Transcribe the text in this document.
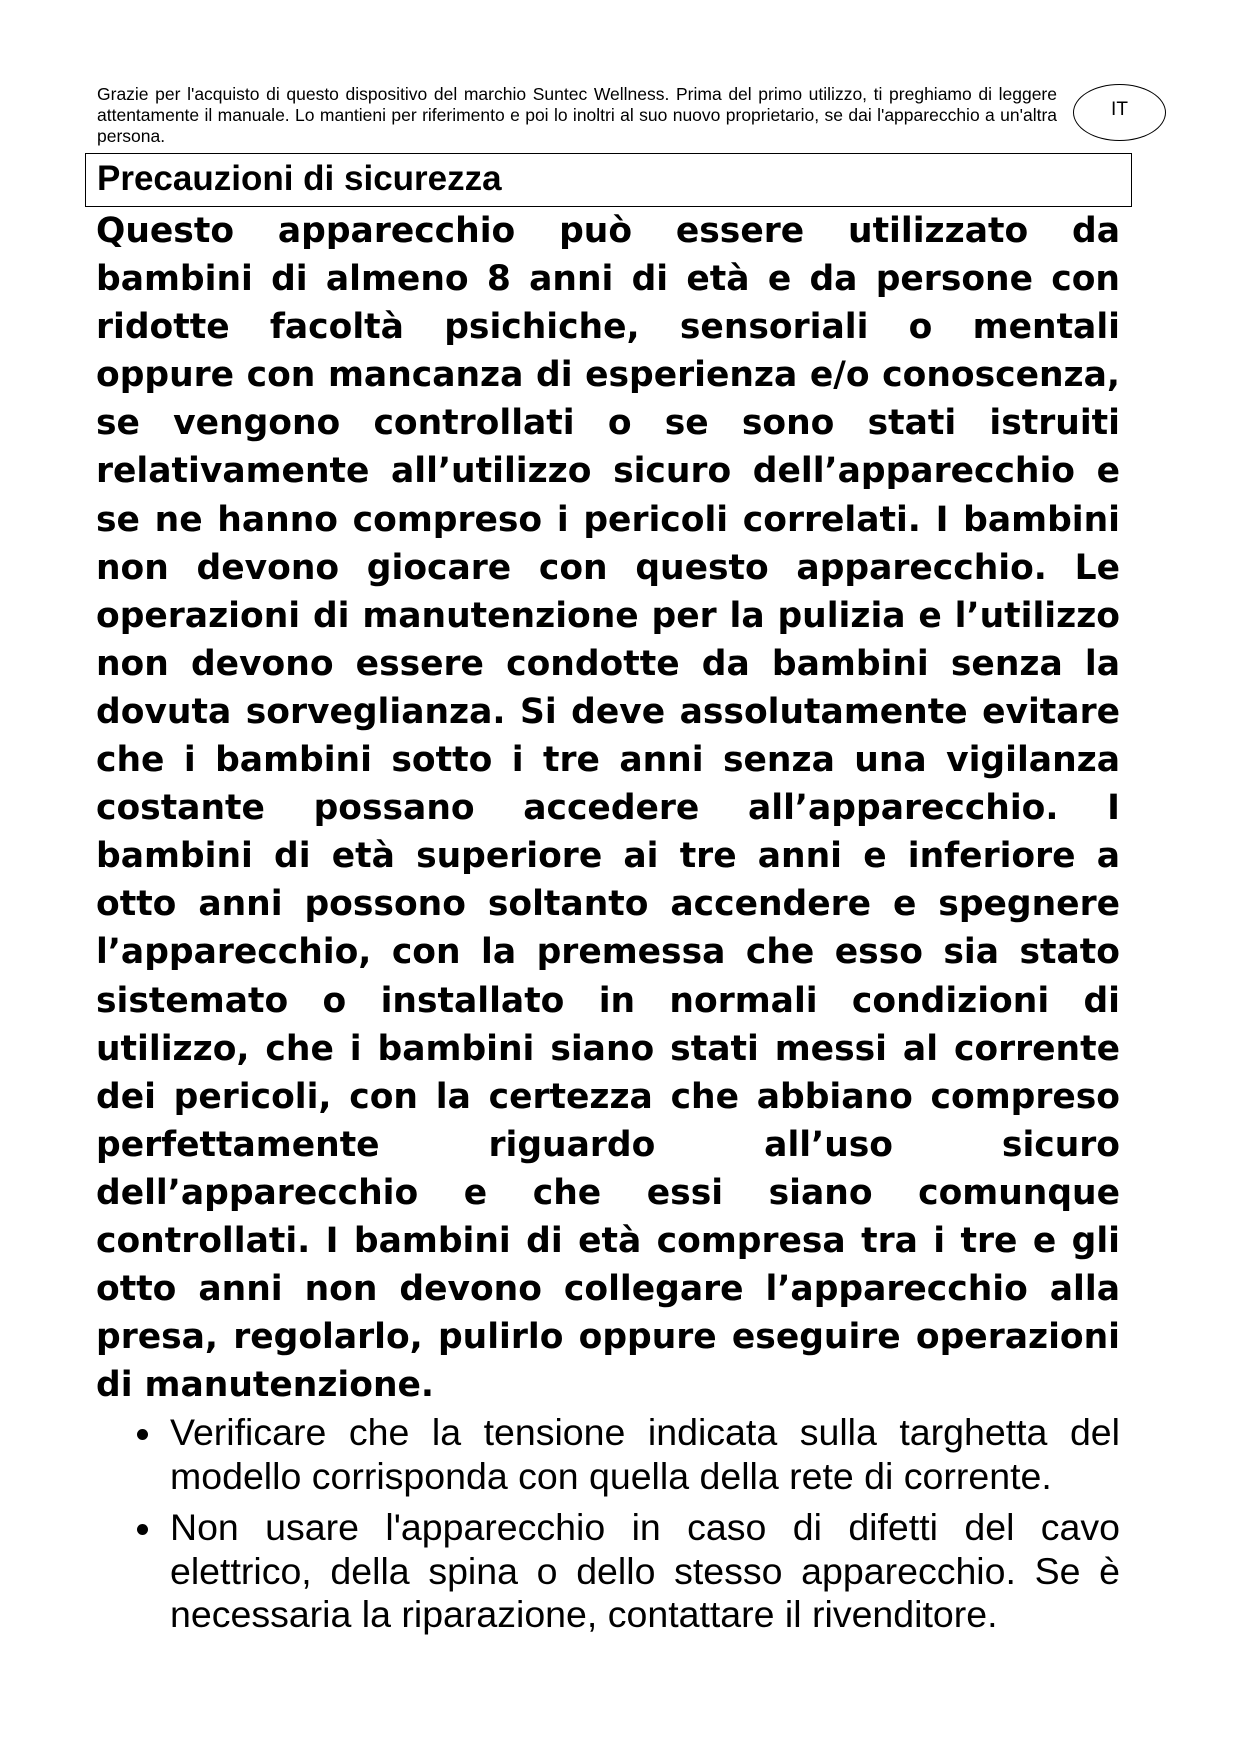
Grazie per l'acquisto di questo dispositivo del marchio Suntec Wellness. Prima del primo utilizzo, ti preghiamo di leggere attentamente il manuale. Lo mantieni per riferimento e poi lo inoltri al suo nuovo proprietario, se dai l'apparecchio a un'altra persona.

IT
Precauzioni di sicurezza

Questo apparecchio può essere utilizzato da bambini di almeno 8 anni di età e da persone con ridotte facoltà psichiche, sensoriali o mentali oppure con mancanza di esperienza e/o conoscenza, se vengono controllati o se sono stati istruiti relativamente all’utilizzo sicuro dell’apparecchio e se ne hanno compreso i pericoli correlati. I bambini non devono giocare con questo apparecchio. Le operazioni di manutenzione per la pulizia e l’utilizzo non devono essere condotte da bambini senza la dovuta sorveglianza. Si deve assolutamente evitare che i bambini sotto i tre anni senza una vigilanza costante possano accedere all’apparecchio. I bambini di età superiore ai tre anni e inferiore a otto anni possono soltanto accendere e spegnere l’apparecchio, con la premessa che esso sia stato sistemato o installato in normali condizioni di utilizzo, che i bambini siano stati messi al corrente dei pericoli, con la certezza che abbiano compreso perfettamente riguardo all’uso sicuro dell’apparecchio e che essi siano comunque controllati. I bambini di età compresa tra i tre e gli otto anni non devono collegare l’apparecchio alla presa, regolarlo, pulirlo oppure eseguire operazioni di manutenzione.

Verificare che la tensione indicata sulla targhetta del modello corrisponda con quella della rete di corrente.
Non usare l'apparecchio in caso di difetti del cavo elettrico, della spina o dello stesso apparecchio. Se è necessaria la riparazione, contattare il rivenditore.
